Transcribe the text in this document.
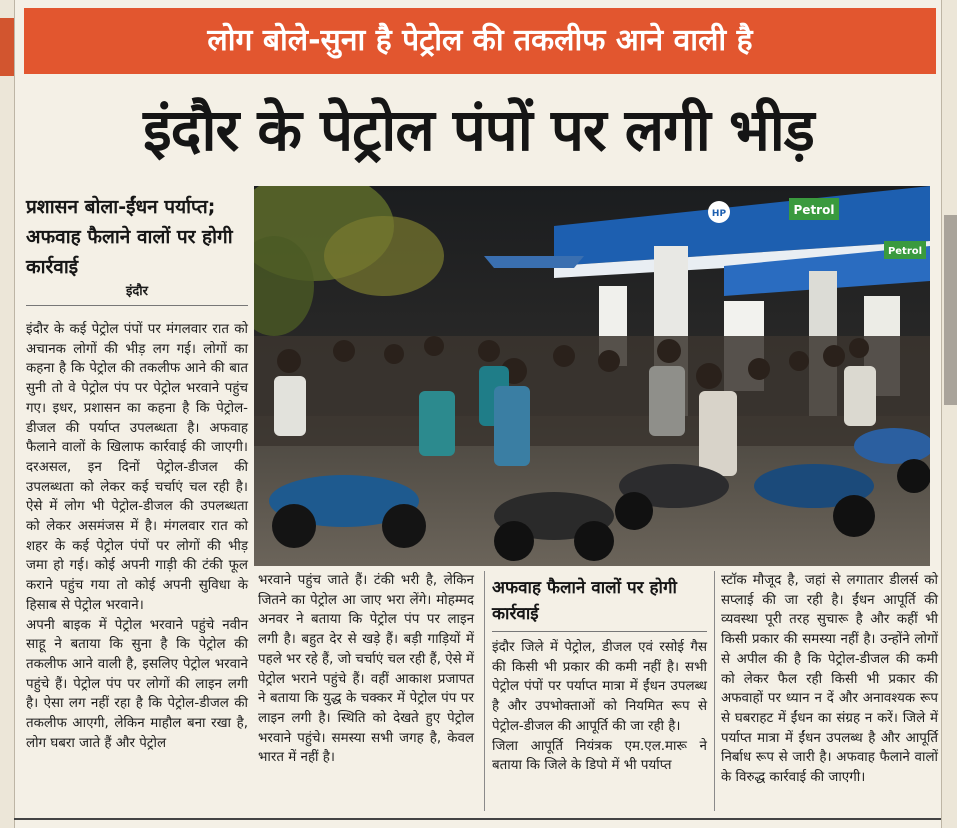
लोग बोले-सुना है पेट्रोल की तकलीफ आने वाली है
इंदौर के पेट्रोल पंपों पर लगी भीड़
प्रशासन बोला-ईंधन पर्याप्त; अफवाह फैलाने वालों पर होगी कार्रवाई
इंदौर
Petrol
Petrol
HP

इंदौर के कई पेट्रोल पंपों पर मंगलवार रात को अचानक लोगों की भीड़ लग गई। लोगों का कहना है कि पेट्रोल की तकलीफ आने की बात सुनी तो वे पेट्रोल पंप पर पेट्रोल भरवाने पहुंच गए। इधर, प्रशासन का कहना है कि पेट्रोल-डीजल की पर्याप्त उपलब्धता है। अफवाह फैलाने वालों के खिलाफ कार्रवाई की जाएगी। दरअसल, इन दिनों पेट्रोल-डीजल की उपलब्धता को लेकर कई चर्चाएं चल रही है। ऐसे में लोग भी पेट्रोल-डीजल की उपलब्धता को लेकर असमंजस में है। मंगलवार रात को शहर के कई पेट्रोल पंपों पर लोगों की भीड़ जमा हो गई। कोई अपनी गाड़ी की टंकी फूल कराने पहुंच गया तो कोई अपनी सुविधा के हिसाब से पेट्रोल भरवाने।

अपनी बाइक में पेट्रोल भरवाने पहुंचे नवीन साहू ने बताया कि सुना है कि पेट्रोल की तकलीफ आने वाली है, इसलिए पेट्रोल भरवाने पहुंचे हैं। पेट्रोल पंप पर लोगों की लाइन लगी है। ऐसा लग नहीं रहा है कि पेट्रोल-डीजल की तकलीफ आएगी, लेकिन माहौल बना रखा है, लोग घबरा जाते हैं और पेट्रोल

भरवाने पहुंच जाते हैं। टंकी भरी है, लेकिन जितने का पेट्रोल आ जाए भरा लेंगे। मोहम्मद अनवर ने बताया कि पेट्रोल पंप पर लाइन लगी है। बहुत देर से खड़े हैं। बड़ी गाड़ियों में पहले भर रहे हैं, जो चर्चाएं चल रही हैं, ऐसे में पेट्रोल भराने पहुंचे हैं। वहीं आकाश प्रजापत ने बताया कि युद्ध के चक्कर में पेट्रोल पंप पर लाइन लगी है। स्थिति को देखते हुए पेट्रोल भरवाने पहुंचे। समस्या सभी जगह है, केवल भारत में नहीं है।

अफवाह फैलाने वालों पर होगी कार्रवाई

इंदौर जिले में पेट्रोल, डीजल एवं रसोई गैस की किसी भी प्रकार की कमी नहीं है। सभी पेट्रोल पंपों पर पर्याप्त मात्रा में ईंधन उपलब्ध है और उपभोक्ताओं को नियमित रूप से पेट्रोल-डीजल की आपूर्ति की जा रही है।

जिला आपूर्ति नियंत्रक एम.एल.मारू ने बताया कि जिले के डिपो में भी पर्याप्त

स्टॉक मौजूद है, जहां से लगातार डीलर्स को सप्लाई की जा रही है। ईंधन आपूर्ति की व्यवस्था पूरी तरह सुचारू है और कहीं भी किसी प्रकार की समस्या नहीं है। उन्होंने लोगों से अपील की है कि पेट्रोल-डीजल की कमी को लेकर फैल रही किसी भी प्रकार की अफवाहों पर ध्यान न दें और अनावश्यक रूप से घबराहट में ईंधन का संग्रह न करें। जिले में पर्याप्त मात्रा में ईंधन उपलब्ध है और आपूर्ति निर्बाध रूप से जारी है। अफवाह फैलाने वालों के विरुद्ध कार्रवाई की जाएगी।
